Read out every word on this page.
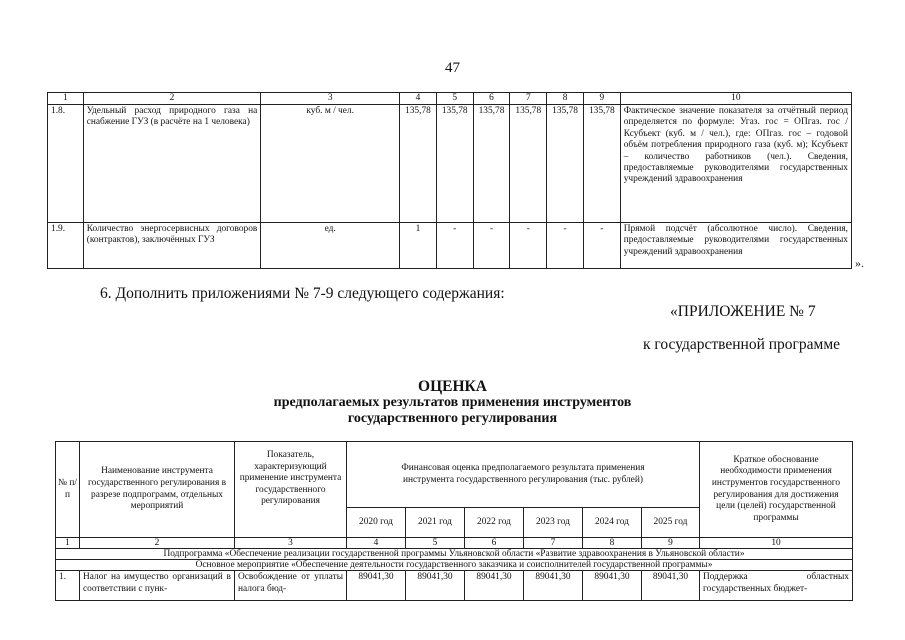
47
1	2	3	4	5	6	7	8	9	10
1.8.	Удельный расход природного газа на снабжение ГУЗ (в расчёте на 1 человека)	куб. м / чел.	135,78	135,78	135,78	135,78	135,78	135,78	Фактическое значение показателя за отчётный период определяется по формуле: Угаз. гос = ОПгаз. гос / Ксубъект (куб. м / чел.), где: ОПгаз. гос – годовой объём потребления природного газа (куб. м); Ксубъект – количество работников (чел.). Сведения, предоставляемые руководителями государственных учреждений здравоохранения
1.9.	Количество энергосервисных договоров (контрактов), заключённых ГУЗ	ед.	1	-	-	-	-	-	Прямой подсчёт (абсолютное число). Сведения, предоставляемые руководителями государственных учреждений здравоохранения
».
6. Дополнить приложениями № 7-9 следующего содержания:
«ПРИЛОЖЕНИЕ № 7
к государственной программе
ОЦЕНКА
предполагаемых результатов применения инструментов
государственного регулирования
№ п/п	Наименование инструмента государственного регулирования в разрезе подпрограмм, отдельных мероприятий	Показатель, характеризующий применение инструмента государственного регулирования	Финансовая оценка предполагаемого результата применения инструмента государственного регулирования (тыс. рублей)						Краткое обоснование необходимости применения инструментов государственного регулирования для достижения цели (целей) государственной программы
			2020 год	2021 год	2022 год	2023 год	2024 год	2025 год	
1	2	3	4	5	6	7	8	9	10
Подпрограмма «Обеспечение реализации государственной программы Ульяновской области «Развитие здравоохранения в Ульяновской области»									
Основное мероприятие «Обеспечение деятельности государственного заказчика и соисполнителей государственной программы»									
1.	Налог на имущество организаций в соответствии с пунк-	Освобождение от уплаты налога бюд-	89041,30	89041,30	89041,30	89041,30	89041,30	89041,30	Поддержка областных государственных бюджет-
